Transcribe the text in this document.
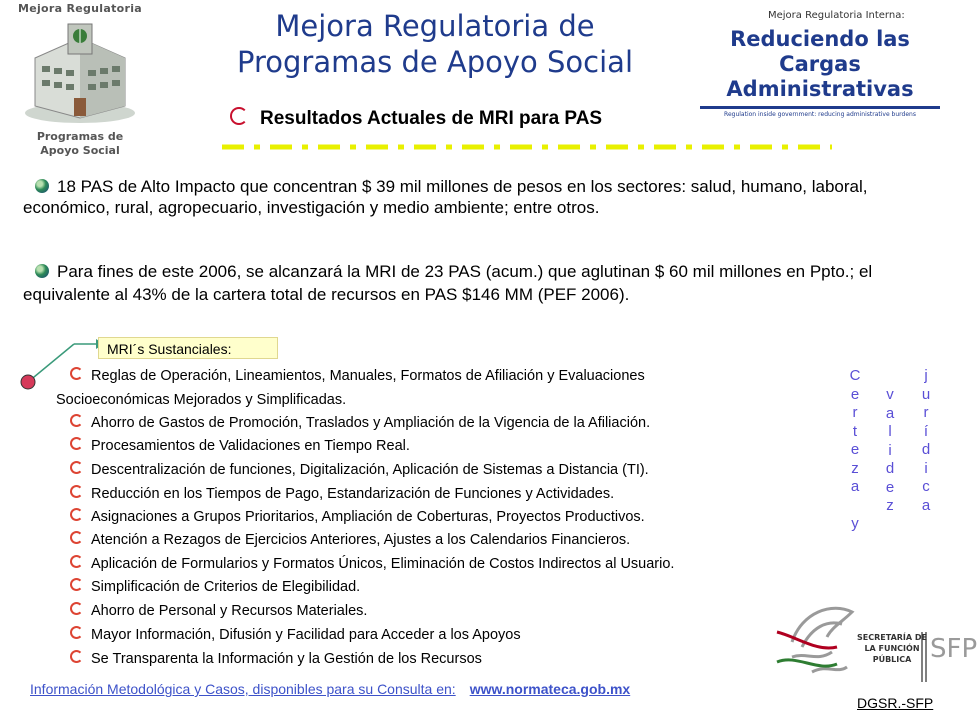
Mejora Regulatoria
Programas de
Apoyo Social
Mejora Regulatoria de
Programas de Apoyo Social
Mejora Regulatoria Interna:
Reduciendo las Cargas
Administrativas
Regulation inside government: reducing administrative burdens
Resultados Actuales de MRI para PAS
18 PAS de Alto Impacto que concentran $ 39 mil millones de pesos en los sectores: salud, humano, laboral, económico, rural, agropecuario, investigación y medio ambiente; entre otros.
Para fines de este 2006, se alcanzará la MRI de 23 PAS (acum.) que aglutinan $ 60 mil millones en Ppto.; el equivalente al 43% de la cartera total de recursos en PAS $146 MM (PEF 2006).
MRI´s Sustanciales:
Reglas de Operación, Lineamientos, Manuales, Formatos de Afiliación y Evaluaciones
Socioeconómicas Mejorados y Simplificadas.
Ahorro de Gastos de Promoción, Traslados y Ampliación de la Vigencia de la Afiliación.
Procesamientos de Validaciones en Tiempo Real.
Descentralización de funciones, Digitalización, Aplicación de Sistemas a Distancia (TI).
Reducción en los Tiempos de Pago, Estandarización de Funciones y Actividades.
Asignaciones a Grupos Prioritarios, Ampliación de Coberturas, Proyectos Productivos.
Atención a Rezagos de Ejercicios Anteriores, Ajustes a los Calendarios Financieros.
Aplicación de Formularios y Formatos Únicos, Eliminación de Costos Indirectos al Usuario.
Simplificación de Criterios de Elegibilidad.
Ahorro de Personal y Recursos Materiales.
Mayor Información, Difusión y Facilidad para Acceder a los Apoyos
Se Transparenta la Información y la Gestión de los Recursos
C
e
r
t
e
z
a

y
v
a
l
i
d
e
z
j
u
r
í
d
i
c
a
SECRETARÍA DE
LA FUNCIÓN
PÚBLICA SFP
Información Metodológica y Casos, disponibles para su Consulta en: www.normateca.gob.mx
DGSR.-SFP
